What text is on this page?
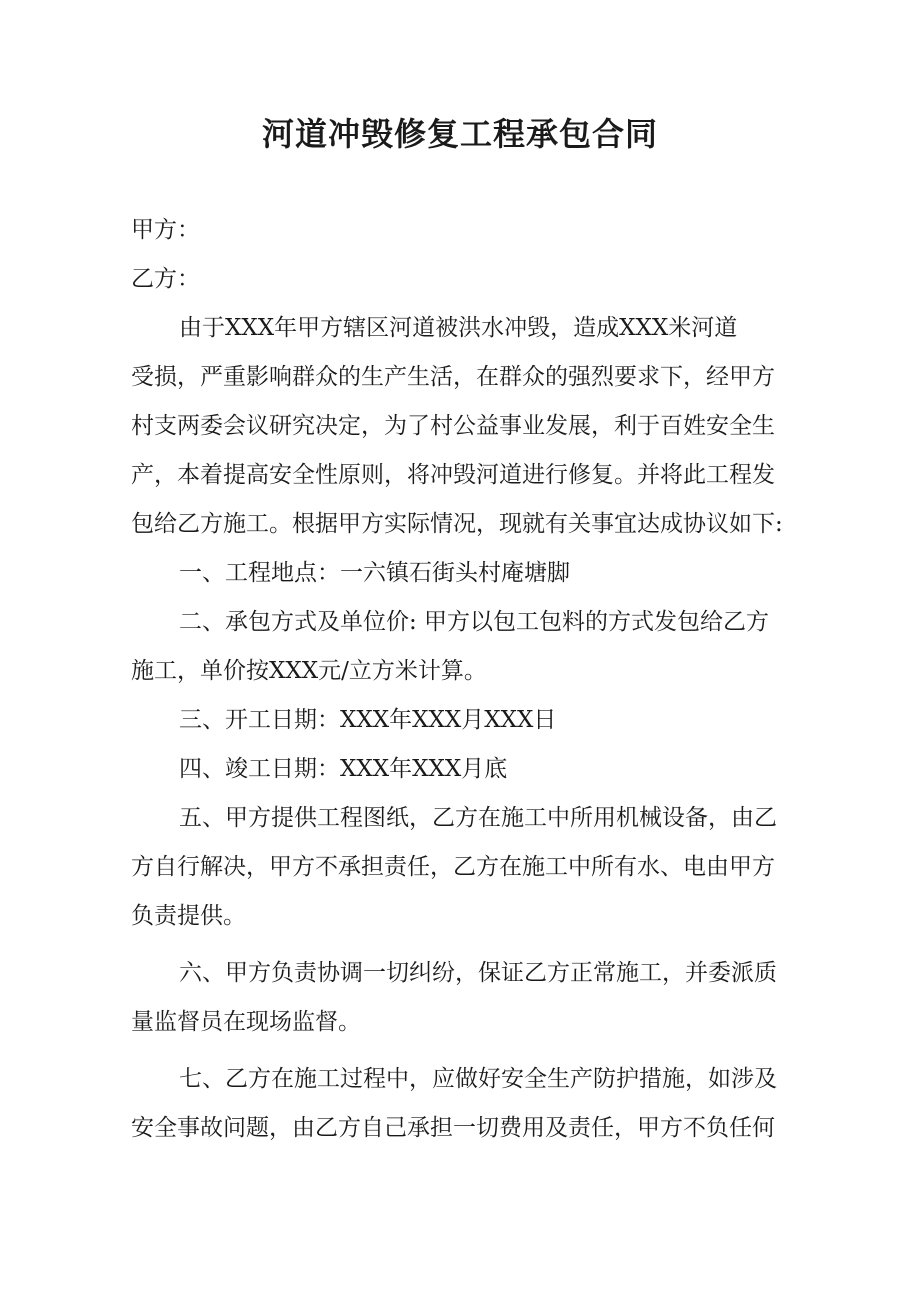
河道冲毁修复工程承包合同

甲方：

乙方：

由于XXX年甲方辖区河道被洪水冲毁，造成XXX米河道

受损，严重影响群众的生产生活，在群众的强烈要求下，经甲方

村支两委会议研究决定，为了村公益事业发展，利于百姓安全生

产，本着提高安全性原则，将冲毁河道进行修复。并将此工程发

包给乙方施工。根据甲方实际情况，现就有关事宜达成协议如下:

一、工程地点：一六镇石街头村庵塘脚

二、承包方式及单位价: 甲方以包工包料的方式发包给乙方

施工，单价按XXX元/立方米计算。

三、开工日期：XXX年XXX月XXX日

四、竣工日期：XXX年XXX月底

五、甲方提供工程图纸，乙方在施工中所用机械设备，由乙

方自行解决，甲方不承担责任，乙方在施工中所有水、电由甲方

负责提供。

六、甲方负责协调一切纠纷，保证乙方正常施工，并委派质

量监督员在现场监督。

七、乙方在施工过程中，应做好安全生产防护措施，如涉及

安全事故问题，由乙方自己承担一切费用及责任，甲方不负任何
